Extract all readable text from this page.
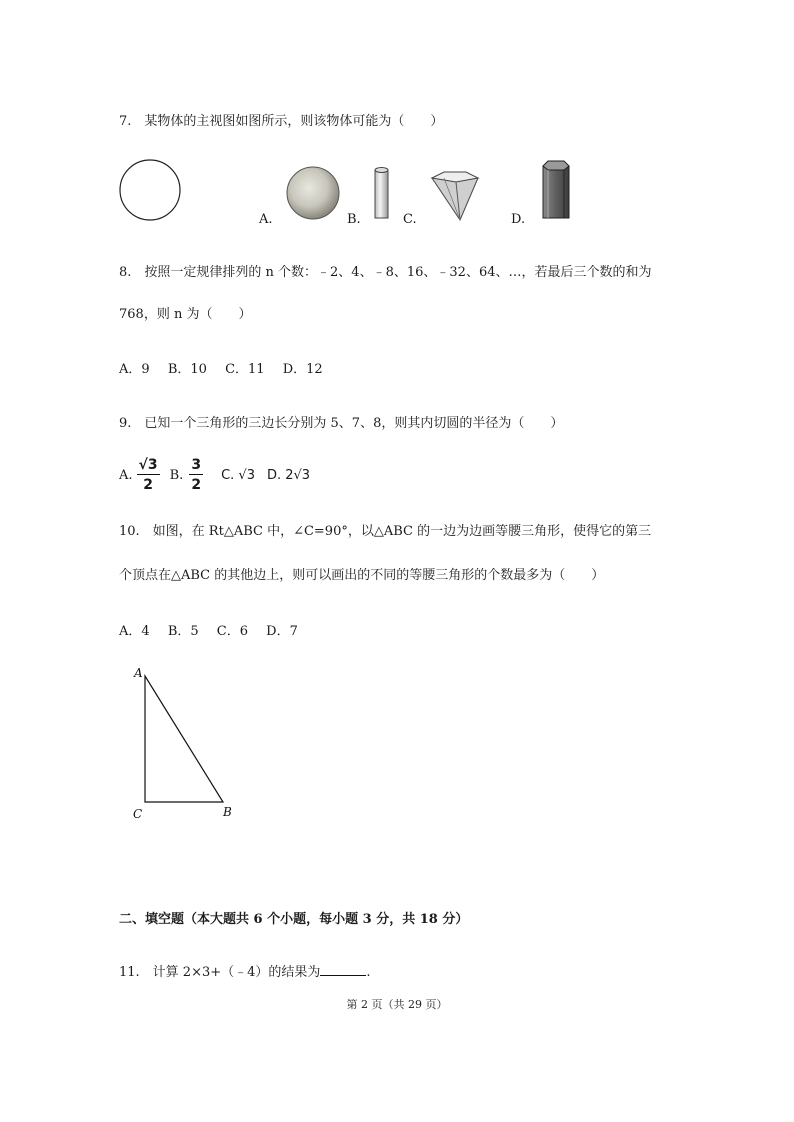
7.　某物体的主视图如图所示，则该物体可能为（　　）
A.	B.	C.	D.
8.　按照一定规律排列的 n 个数：﹣2、4、﹣8、16、﹣32、64、…，若最后三个数的和为
768，则 n 为（　　）
A．9 B．10 C．11 D．12
9.　已知一个三角形的三边长分别为 5、7、8，则其内切圆的半径为（　　）
A. $\frac{√3}{2} B$. $\frac{3}{2} C$. √3 D. 2√3
10.　如图，在 Rt△ABC 中，∠C=90°，以△ABC 的一边为边画等腰三角形，使得它的第三
个顶点在△ABC 的其他边上，则可以画出的不同的等腰三角形的个数最多为（　　）
A．4 B．5 C．6 D．7
A
C	B
二、填空题（本大题共 6 个小题，每小题 3 分，共 18 分）
11.　计算 2×3+（﹣4）的结果为	.
第 2 页（共 29 页）
